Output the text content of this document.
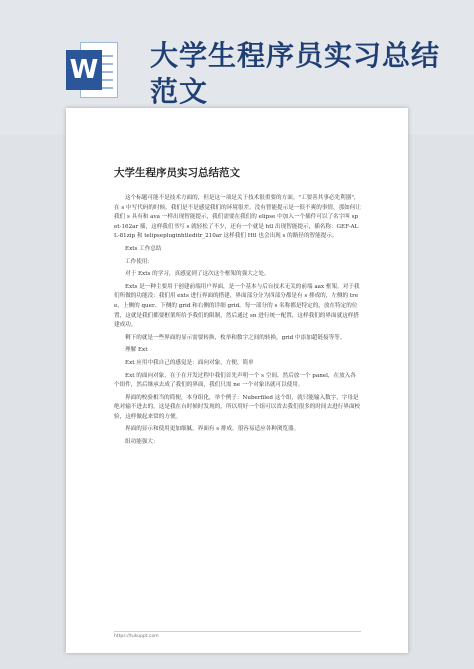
W 大学生程序员实习总结范文
大学生程序员实习总结范文

这个标题可能不是技术方面的，但是这一项是关于技术很重要的方面。"工要善其事必先利器"，在 s 中写代码的时候，我们是不是感觉我们的环境很差，没有智能提示是一很不爽的事情，那如何让我们 s 具有和 ava 一样出现智能提示，我们需要在我们的 elipse 中加入一个插件可以了名字叫 spet-162ar 插，这样我们书写 s 就轻松了不少，还有一个就是 htl 出现智能提示，插名称：GEF-ALL-81zip 和 telipsepluginhtleditr_210ar 这样我们 Htl 也会出现 s 的路径的智能提示。

Exts 工作总结

工作使用：

对于 Exts 的学习，真感觉到了这次这个框架的强大之处。

Exts 是一种主要用于创建前端用户界面，是一个基本与后台技术无关的前端 aax 框架。对于我们所做的功能没：我们用 exts 进行界面的搭建，界面部分分为四部分都是有 s 排成的，左侧的 tree，上侧的 quer、下侧的 grid 和右侧的详细 grid。每一部分的 s 名称都是特定的，放在特定的位置，这就是我们都要框架所给予我们的限制，然后通过 sn 进行统一配置，这样我们的界面就这样搭建成功。

剩下的就是一些界面的显示需要转换，枚举和数字之间的转换，grid 中添加超链接等等。

理解 Ext

Ext 应用中我自己的感觉是：面向对象，方便，简单

Ext 的面向对象，在于在开发过程中我们首先声明一个 s 空间，然后放一个 panel，在放入各个组件，然后继承去成了我们的界面，我们只需 ne 一个对象出就可以使用。

界面的校验相当的简便，本身组化，举个例子：Nuberfiled 这个组，就只能输入数字，字母是绝对输不进去的，这是我在台时候时发现的，所以用好一个组可以省去我们很多的时间去进行界面校验，这样做起来常的方便。

界面的显示和使用更加细腻，界面有 s 排成，很容易适应各种浏览器。

组功能强大：

https://tukuppt.com
